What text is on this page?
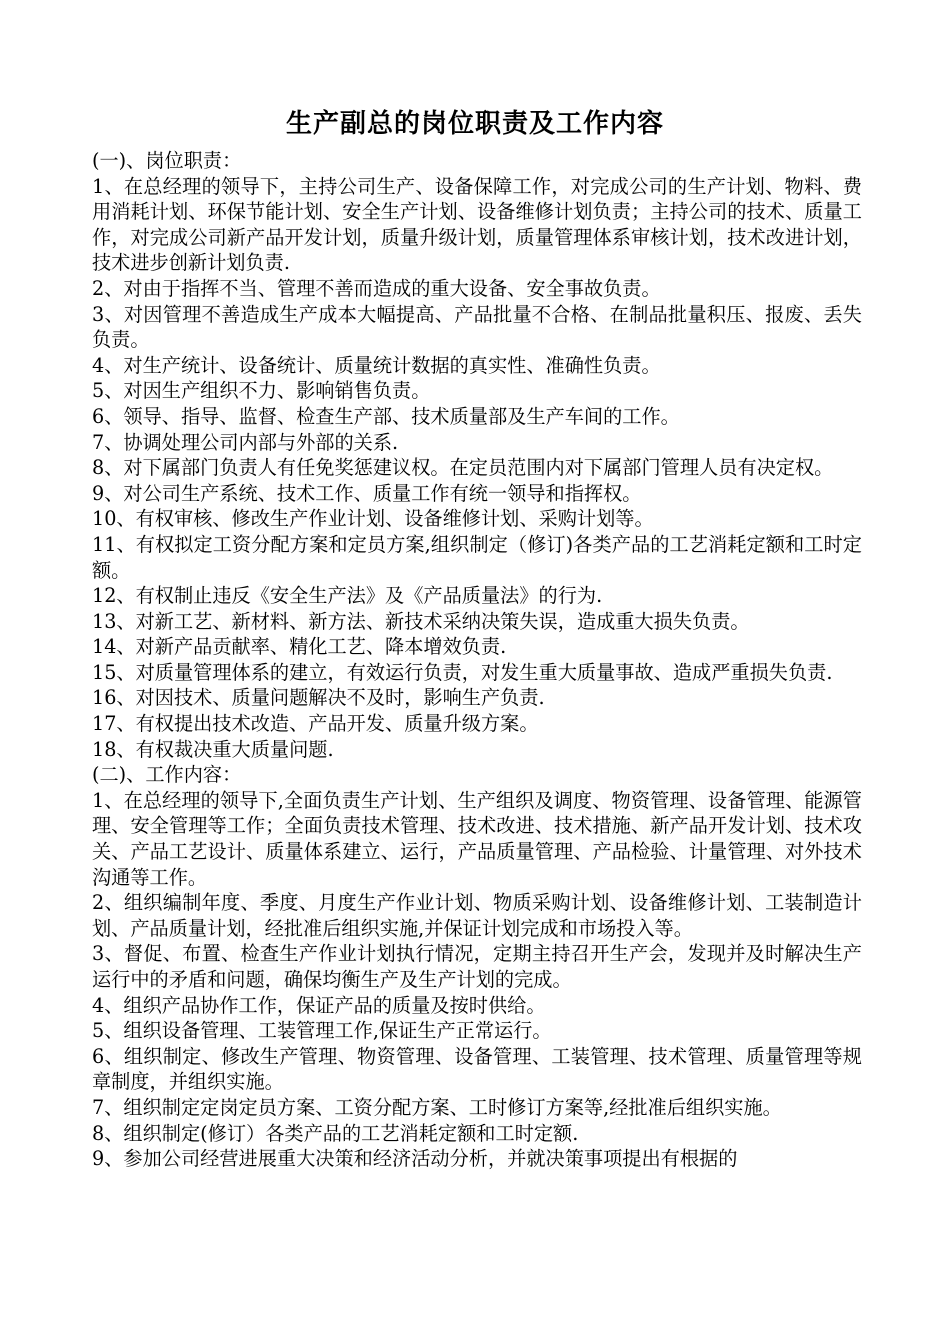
生产副总的岗位职责及工作内容
(一)、岗位职责：
1、在总经理的领导下，主持公司生产、设备保障工作，对完成公司的生产计划、物料、费用消耗计划、环保节能计划、安全生产计划、设备维修计划负责；主持公司的技术、质量工作，对完成公司新产品开发计划，质量升级计划，质量管理体系审核计划，技术改进计划，技术进步创新计划负责.
2、对由于指挥不当、管理不善而造成的重大设备、安全事故负责。
3、对因管理不善造成生产成本大幅提高、产品批量不合格、在制品批量积压、报废、丢失负责。
4、对生产统计、设备统计、质量统计数据的真实性、准确性负责。
5、对因生产组织不力、影响销售负责。
6、领导、指导、监督、检查生产部、技术质量部及生产车间的工作。
7、协调处理公司内部与外部的关系.
8、对下属部门负责人有任免奖惩建议权。在定员范围内对下属部门管理人员有决定权。
9、对公司生产系统、技术工作、质量工作有统一领导和指挥权。
10、有权审核、修改生产作业计划、设备维修计划、采购计划等。
11、有权拟定工资分配方案和定员方案,组织制定（修订)各类产品的工艺消耗定额和工时定额。
12、有权制止违反《安全生产法》及《产品质量法》的行为.
13、对新工艺、新材料、新方法、新技术采纳决策失误，造成重大损失负责。
14、对新产品贡献率、精化工艺、降本增效负责.
15、对质量管理体系的建立，有效运行负责，对发生重大质量事故、造成严重损失负责.
16、对因技术、质量问题解决不及时，影响生产负责.
17、有权提出技术改造、产品开发、质量升级方案。
18、有权裁决重大质量问题.
(二)、工作内容：
1、在总经理的领导下,全面负责生产计划、生产组织及调度、物资管理、设备管理、能源管理、安全管理等工作；全面负责技术管理、技术改进、技术措施、新产品开发计划、技术攻关、产品工艺设计、质量体系建立、运行，产品质量管理、产品检验、计量管理、对外技术沟通等工作。
2、组织编制年度、季度、月度生产作业计划、物质采购计划、设备维修计划、工装制造计划、产品质量计划，经批准后组织实施,并保证计划完成和市场投入等。
3、督促、布置、检查生产作业计划执行情况，定期主持召开生产会，发现并及时解决生产运行中的矛盾和问题，确保均衡生产及生产计划的完成。
4、组织产品协作工作，保证产品的质量及按时供给。
5、组织设备管理、工装管理工作,保证生产正常运行。
6、组织制定、修改生产管理、物资管理、设备管理、工装管理、技术管理、质量管理等规章制度，并组织实施。
7、组织制定定岗定员方案、工资分配方案、工时修订方案等,经批准后组织实施。
8、组织制定(修订）各类产品的工艺消耗定额和工时定额.
9、参加公司经营进展重大决策和经济活动分析，并就决策事项提出有根据的
